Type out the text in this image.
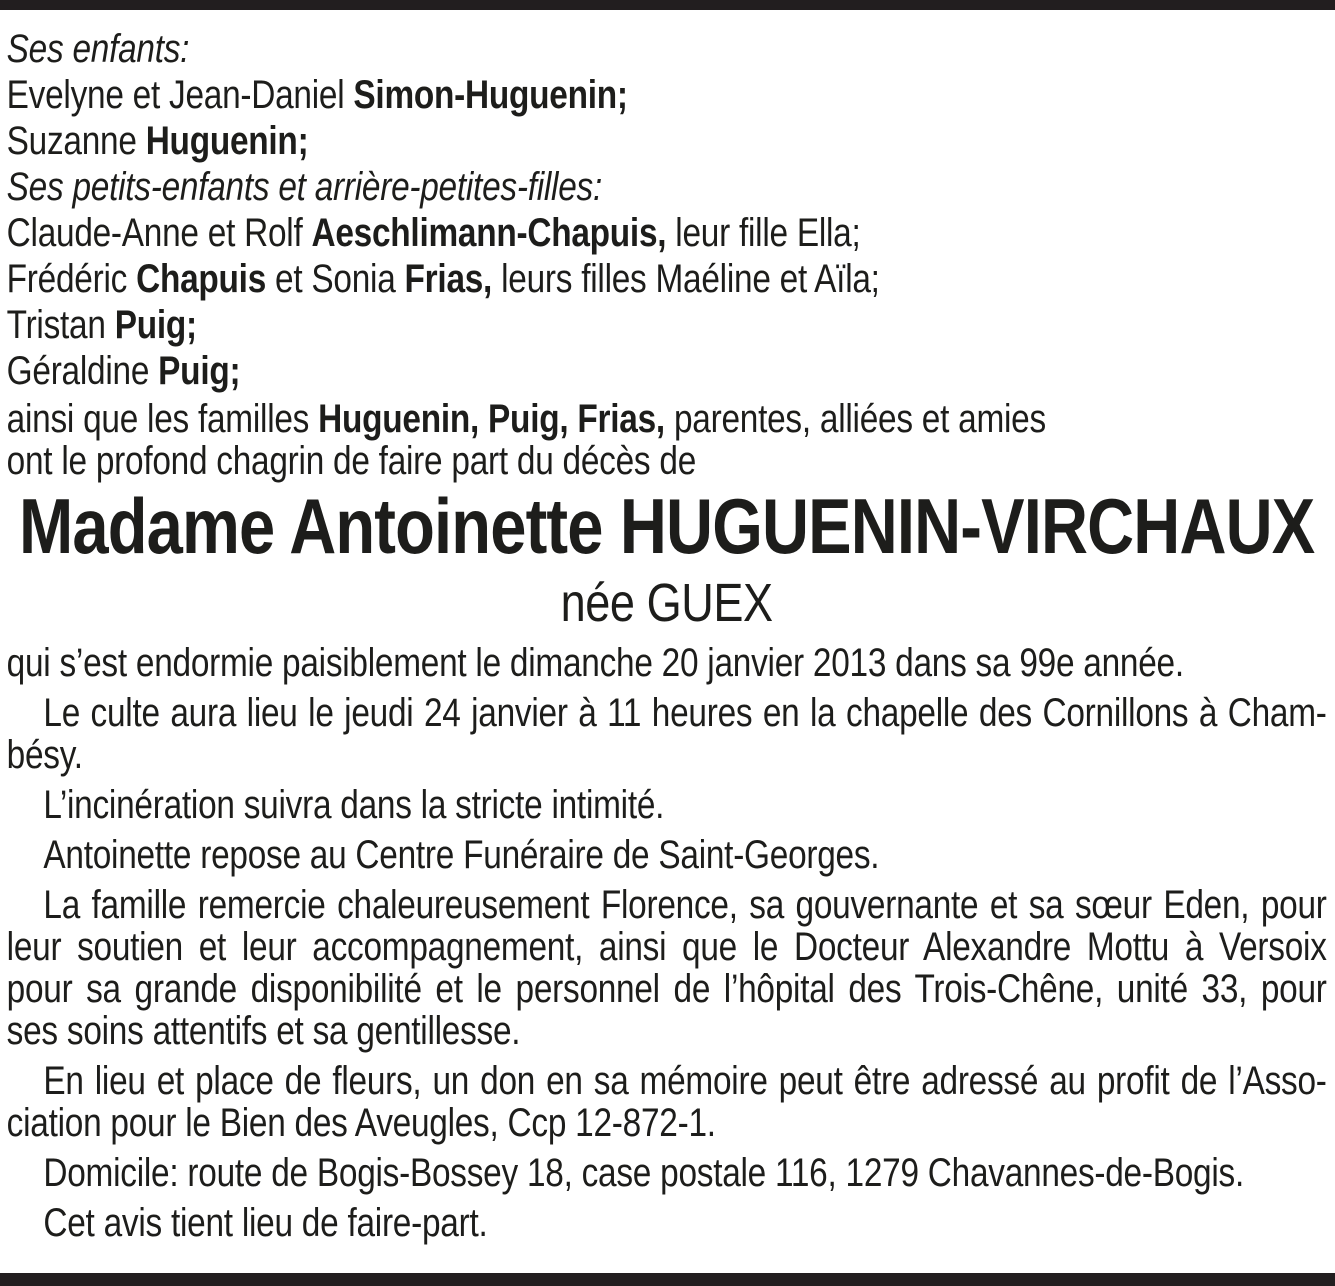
Ses enfants:
Evelyne et Jean-Daniel Simon-Huguenin;
Suzanne Huguenin;
Ses petits-enfants et arrière-petites-filles:
Claude-Anne et Rolf Aeschlimann-Chapuis, leur fille Ella;
Frédéric Chapuis et Sonia Frias, leurs filles Maéline et Aïla;
Tristan Puig;
Géraldine Puig;
ainsi que les familles Huguenin, Puig, Frias, parentes, alliées et amies
ont le profond chagrin de faire part du décès de
Madame Antoinette HUGUENIN-VIRCHAUX
née GUEX
qui s’est endormie paisiblement le dimanche 20 janvier 2013 dans sa 99e année.
Le culte aura lieu le jeudi 24 janvier à 11 heures en la chapelle des Cornillons à Cham-
bésy.
L’incinération suivra dans la stricte intimité.
Antoinette repose au Centre Funéraire de Saint-Georges.
La famille remercie chaleureusement Florence, sa gouvernante et sa sœur Eden, pour
leur soutien et leur accompagnement, ainsi que le Docteur Alexandre Mottu à Versoix
pour sa grande disponibilité et le personnel de l’hôpital des Trois-Chêne, unité 33, pour
ses soins attentifs et sa gentillesse.
En lieu et place de fleurs, un don en sa mémoire peut être adressé au profit de l’Asso-
ciation pour le Bien des Aveugles, Ccp 12-872-1.
Domicile: route de Bogis-Bossey 18, case postale 116, 1279 Chavannes-de-Bogis.
Cet avis tient lieu de faire-part.
